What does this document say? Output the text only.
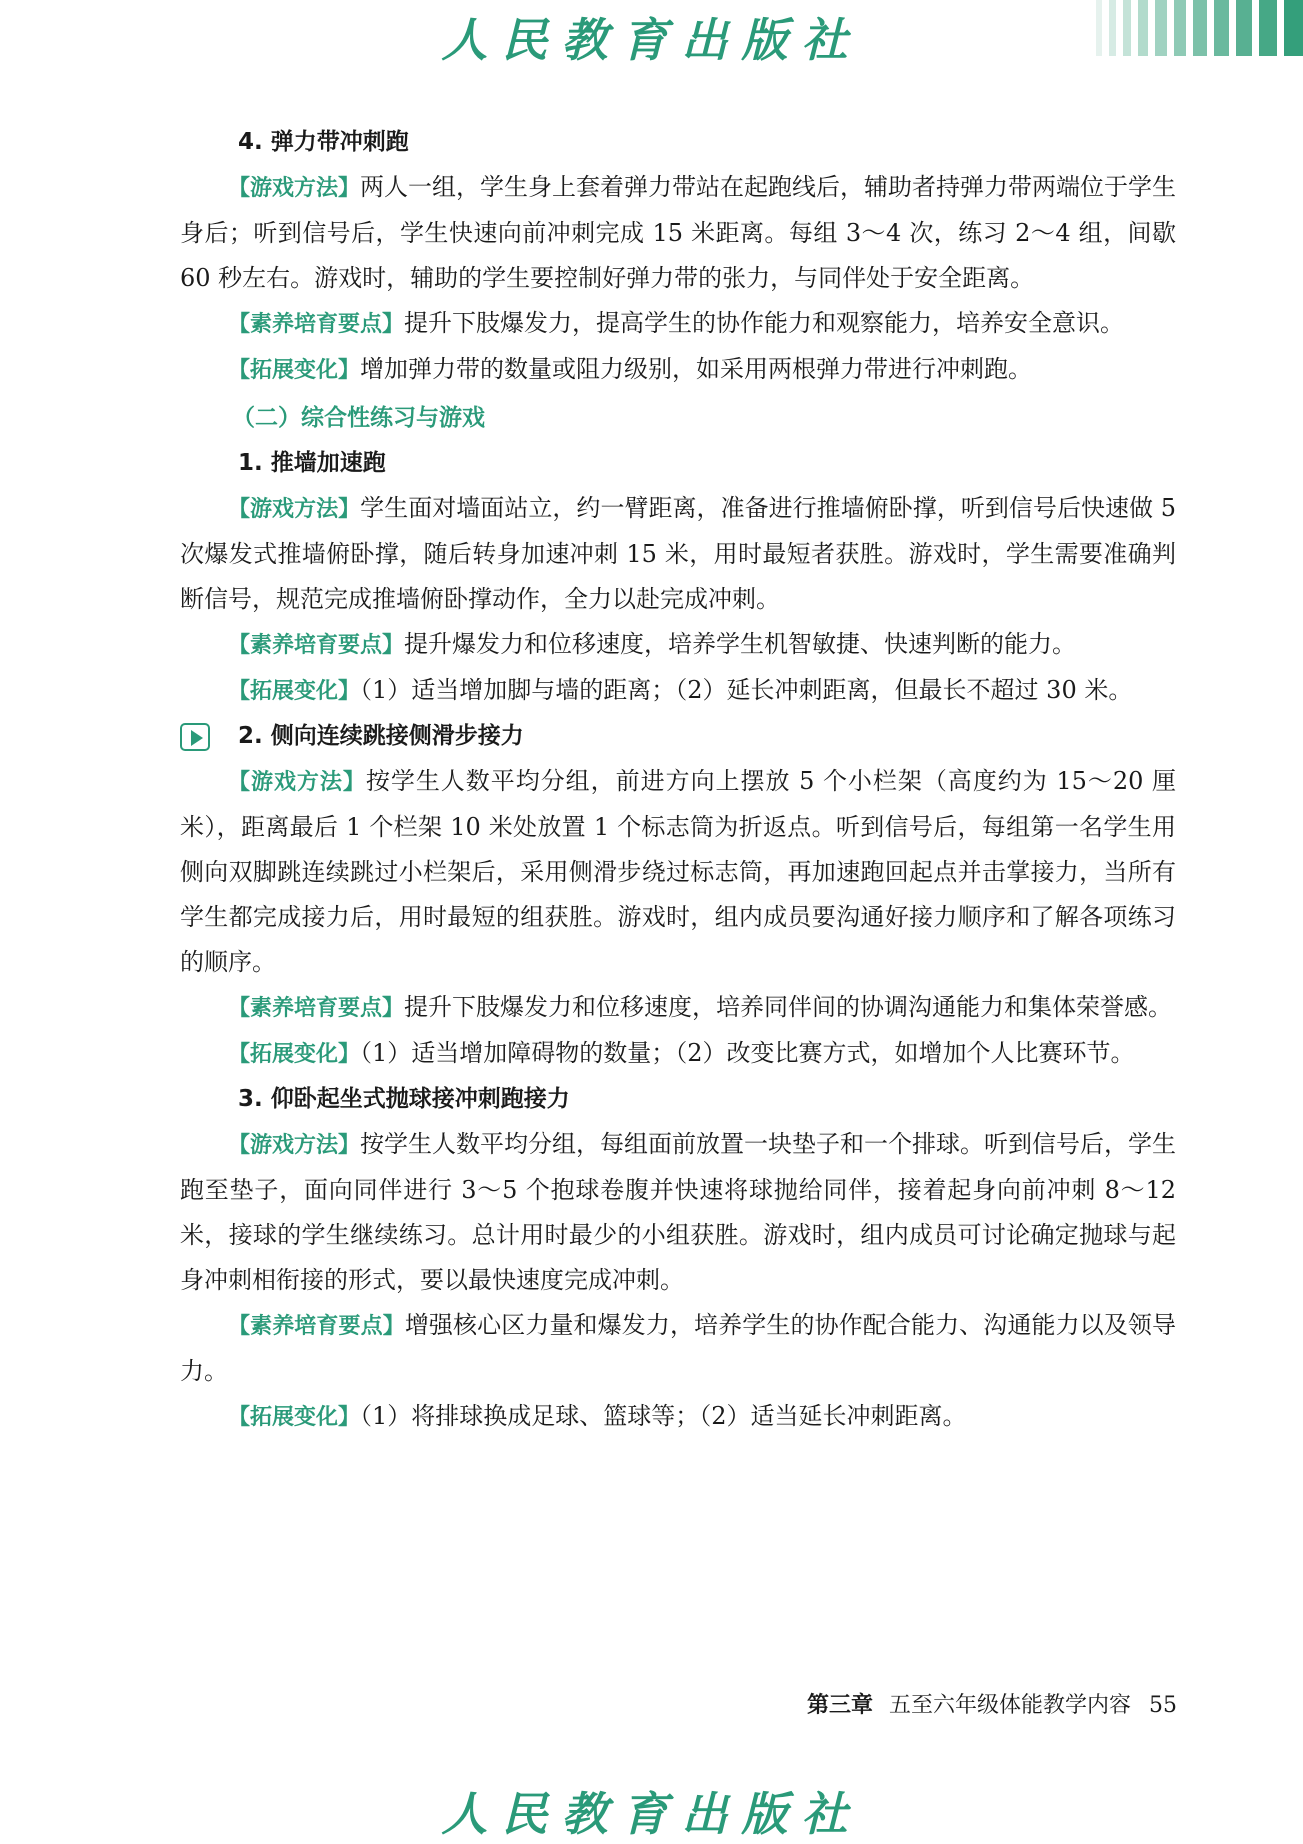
人民教育出版社
4. 弹力带冲刺跑

【游戏方法】两人一组，学生身上套着弹力带站在起跑线后，辅助者持弹力带两端位于学生身后；听到信号后，学生快速向前冲刺完成 15 米距离。每组 3～4 次，练习 2～4 组，间歇 60 秒左右。游戏时，辅助的学生要控制好弹力带的张力，与同伴处于安全距离。

【素养培育要点】提升下肢爆发力，提高学生的协作能力和观察能力，培养安全意识。

【拓展变化】增加弹力带的数量或阻力级别，如采用两根弹力带进行冲刺跑。

（二）综合性练习与游戏
1. 推墙加速跑

【游戏方法】学生面对墙面站立，约一臂距离，准备进行推墙俯卧撑，听到信号后快速做 5 次爆发式推墙俯卧撑，随后转身加速冲刺 15 米，用时最短者获胜。游戏时，学生需要准确判断信号，规范完成推墙俯卧撑动作，全力以赴完成冲刺。

【素养培育要点】提升爆发力和位移速度，培养学生机智敏捷、快速判断的能力。

【拓展变化】（1）适当增加脚与墙的距离；（2）延长冲刺距离，但最长不超过 30 米。

2. 侧向连续跳接侧滑步接力

【游戏方法】按学生人数平均分组，前进方向上摆放 5 个小栏架（高度约为 15～20 厘米），距离最后 1 个栏架 10 米处放置 1 个标志筒为折返点。听到信号后，每组第一名学生用侧向双脚跳连续跳过小栏架后，采用侧滑步绕过标志筒，再加速跑回起点并击掌接力，当所有学生都完成接力后，用时最短的组获胜。游戏时，组内成员要沟通好接力顺序和了解各项练习的顺序。

【素养培育要点】提升下肢爆发力和位移速度，培养同伴间的协调沟通能力和集体荣誉感。

【拓展变化】（1）适当增加障碍物的数量；（2）改变比赛方式，如增加个人比赛环节。

3. 仰卧起坐式抛球接冲刺跑接力

【游戏方法】按学生人数平均分组，每组面前放置一块垫子和一个排球。听到信号后，学生跑至垫子，面向同伴进行 3～5 个抱球卷腹并快速将球抛给同伴，接着起身向前冲刺 8～12 米，接球的学生继续练习。总计用时最少的小组获胜。游戏时，组内成员可讨论确定抛球与起身冲刺相衔接的形式，要以最快速度完成冲刺。

【素养培育要点】增强核心区力量和爆发力，培养学生的协作配合能力、沟通能力以及领导力。

【拓展变化】（1）将排球换成足球、篮球等；（2）适当延长冲刺距离。

第三章 五至六年级体能教学内容 55
人民教育出版社
